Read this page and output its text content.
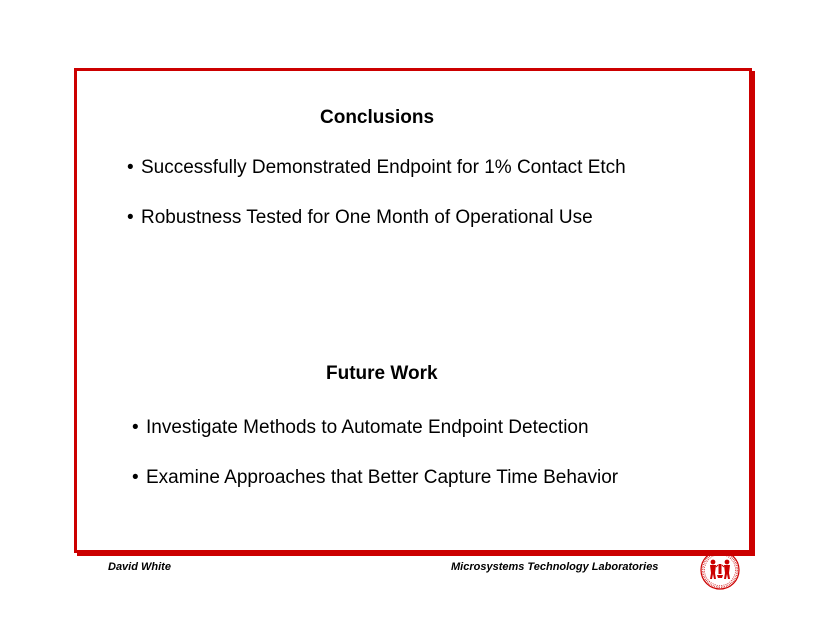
Conclusions
• Successfully Demonstrated Endpoint for 1% Contact Etch
• Robustness Tested for One Month of Operational Use
Future Work
• Investigate Methods to Automate Endpoint Detection
• Examine Approaches that Better Capture Time Behavior
David White	Microsystems Technology Laboratories
